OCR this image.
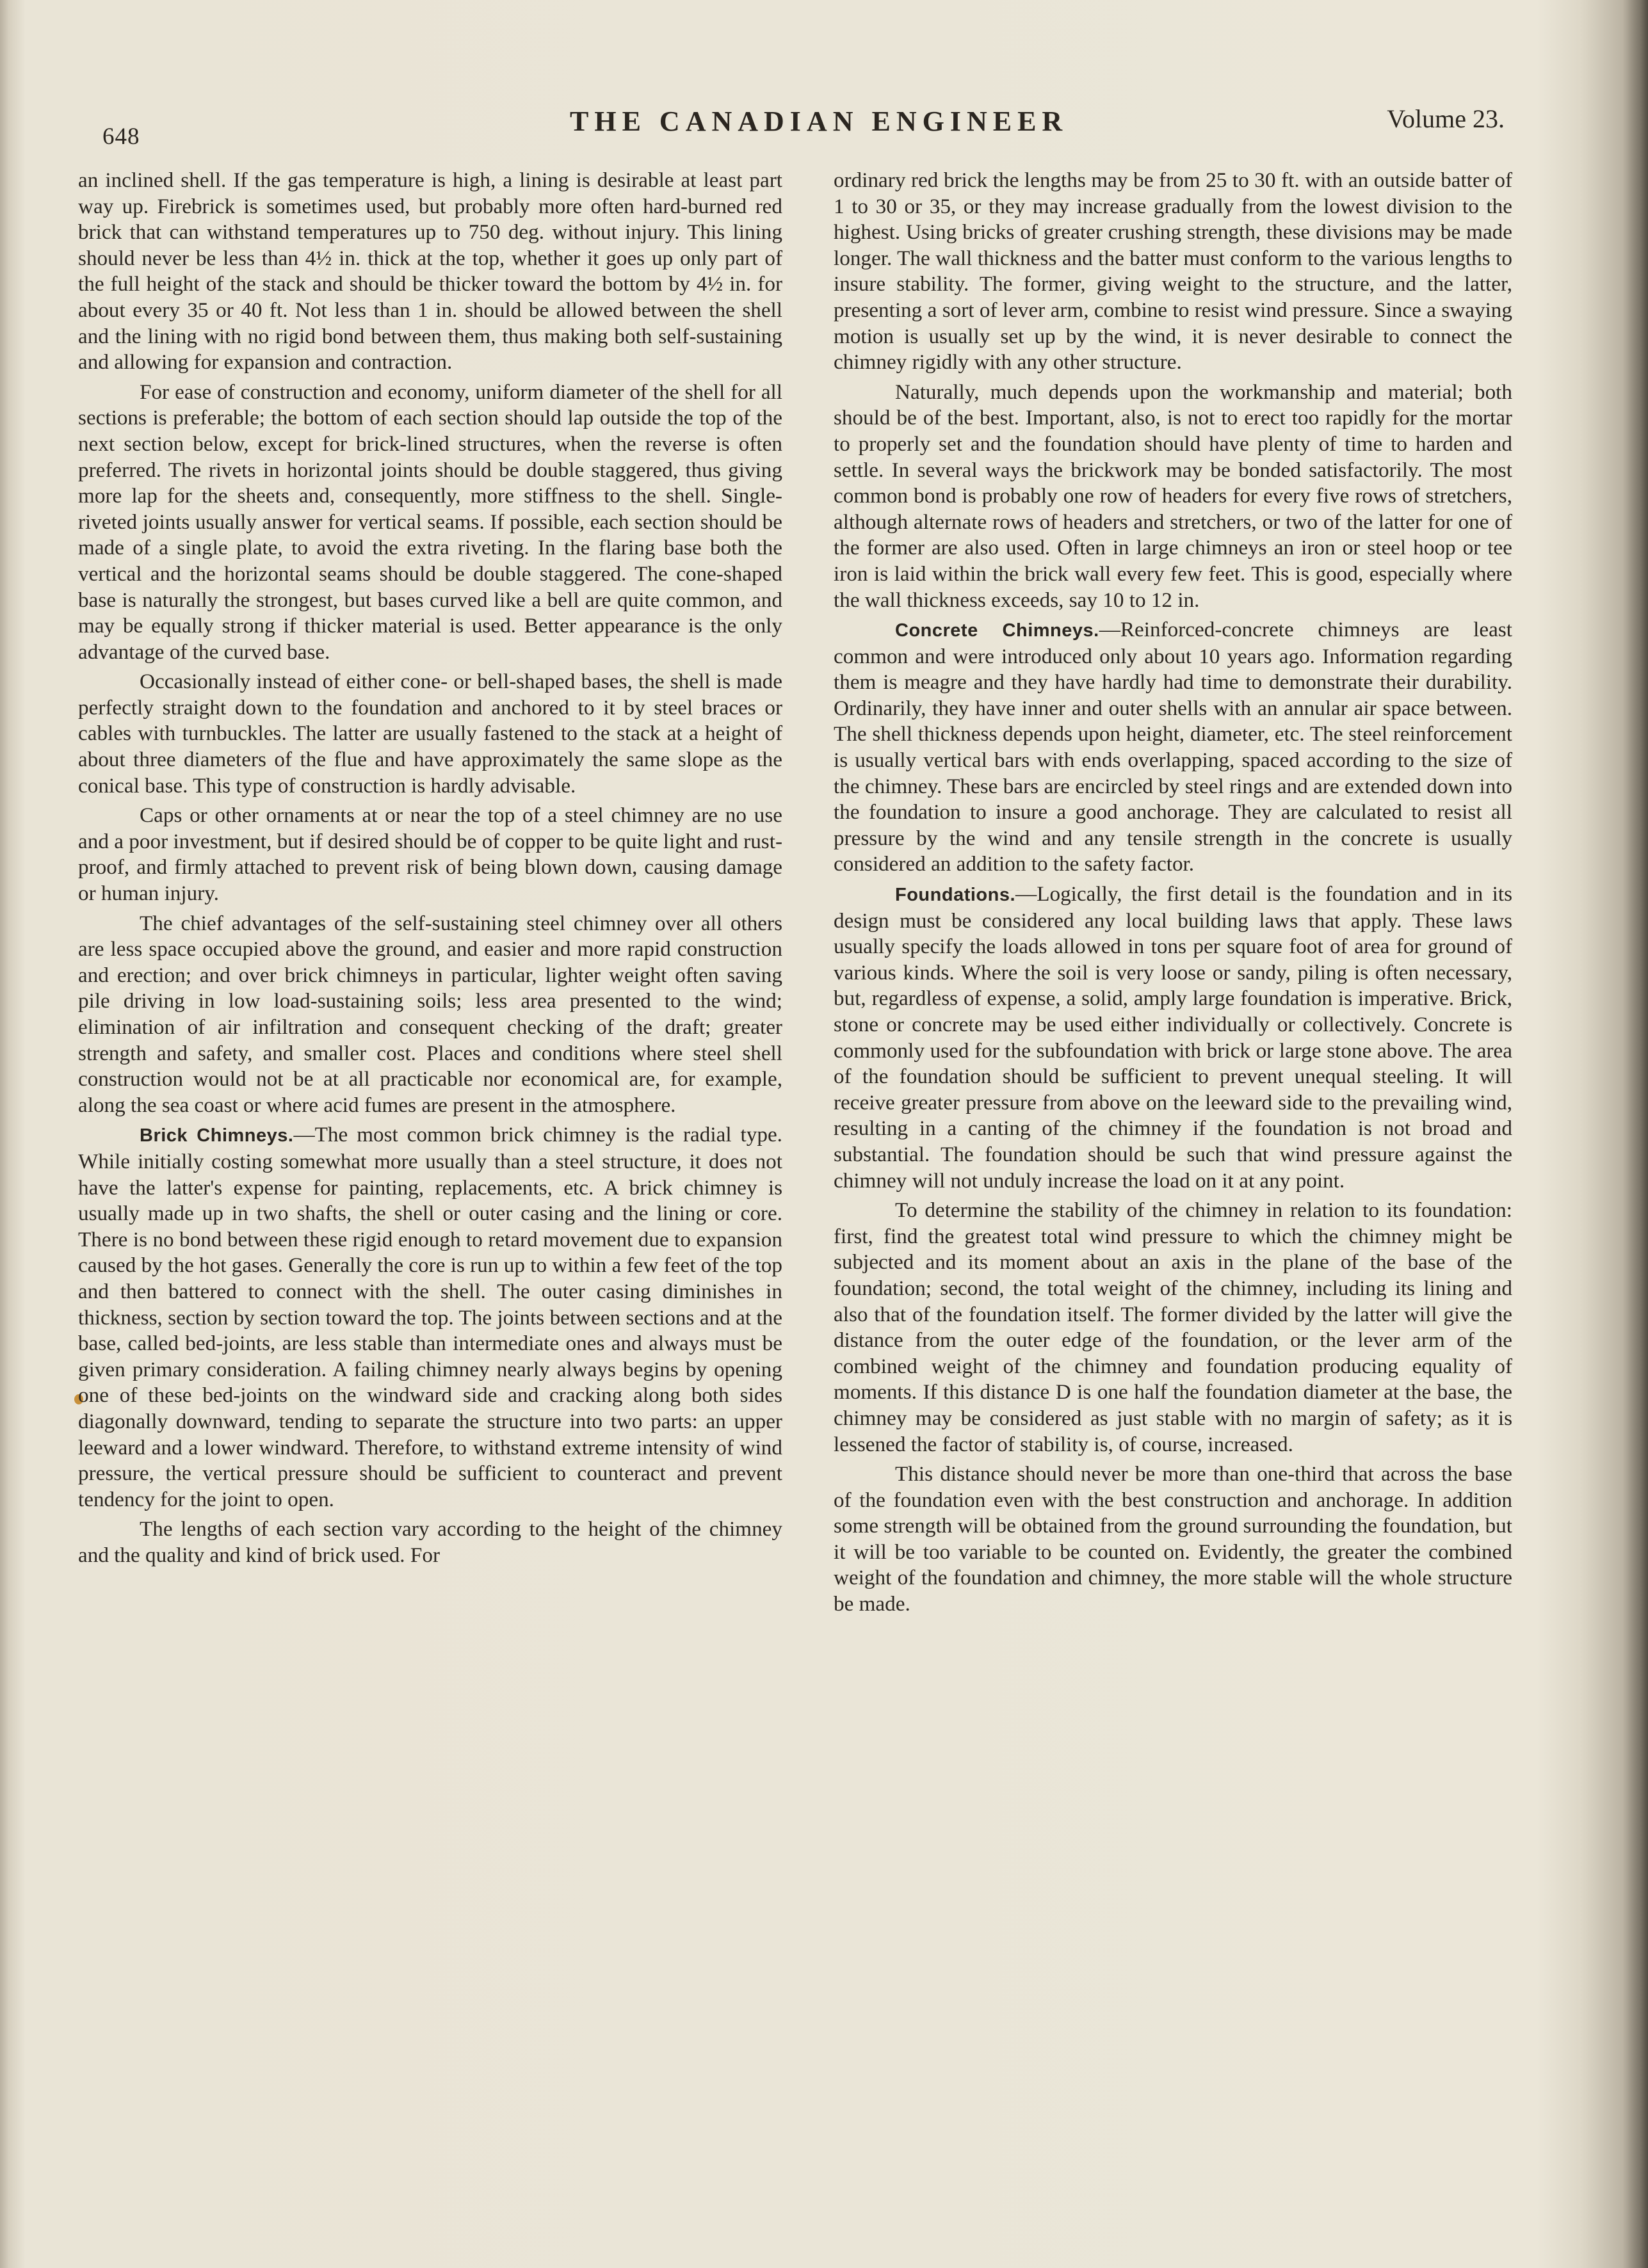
648	THE CANADIAN ENGINEER	Volume 23.

an inclined shell. If the gas temperature is high, a lining is desirable at least part way up. Firebrick is sometimes used, but probably more often hard-burned red brick that can withstand temperatures up to 750 deg. without injury. This lining should never be less than 4½ in. thick at the top, whether it goes up only part of the full height of the stack and should be thicker toward the bottom by 4½ in. for about every 35 or 40 ft. Not less than 1 in. should be allowed between the shell and the lining with no rigid bond between them, thus making both self-sustaining and allowing for expansion and contraction.

For ease of construction and economy, uniform diameter of the shell for all sections is preferable; the bottom of each section should lap outside the top of the next section below, except for brick-lined structures, when the reverse is often preferred. The rivets in horizontal joints should be double staggered, thus giving more lap for the sheets and, consequently, more stiffness to the shell. Single-riveted joints usually answer for vertical seams. If possible, each section should be made of a single plate, to avoid the extra riveting. In the flaring base both the vertical and the horizontal seams should be double staggered. The cone-shaped base is naturally the strongest, but bases curved like a bell are quite common, and may be equally strong if thicker material is used. Better appearance is the only advantage of the curved base.

Occasionally instead of either cone- or bell-shaped bases, the shell is made perfectly straight down to the foundation and anchored to it by steel braces or cables with turnbuckles. The latter are usually fastened to the stack at a height of about three diameters of the flue and have approximately the same slope as the conical base. This type of construction is hardly advisable.

Caps or other ornaments at or near the top of a steel chimney are no use and a poor investment, but if desired should be of copper to be quite light and rust-proof, and firmly attached to prevent risk of being blown down, causing damage or human injury.

The chief advantages of the self-sustaining steel chimney over all others are less space occupied above the ground, and easier and more rapid construction and erection; and over brick chimneys in particular, lighter weight often saving pile driving in low load-sustaining soils; less area presented to the wind; elimination of air infiltration and consequent checking of the draft; greater strength and safety, and smaller cost. Places and conditions where steel shell construction would not be at all practicable nor economical are, for example, along the sea coast or where acid fumes are present in the atmosphere.

Brick Chimneys.—The most common brick chimney is the radial type. While initially costing somewhat more usually than a steel structure, it does not have the latter's expense for painting, replacements, etc. A brick chimney is usually made up in two shafts, the shell or outer casing and the lining or core. There is no bond between these rigid enough to retard movement due to expansion caused by the hot gases. Generally the core is run up to within a few feet of the top and then battered to connect with the shell. The outer casing diminishes in thickness, section by section toward the top. The joints between sections and at the base, called bed-joints, are less stable than intermediate ones and always must be given primary consideration. A failing chimney nearly always begins by opening one of these bed-joints on the windward side and cracking along both sides diagonally downward, tending to separate the structure into two parts: an upper leeward and a lower windward. Therefore, to withstand extreme intensity of wind pressure, the vertical pressure should be sufficient to counteract and prevent tendency for the joint to open.

The lengths of each section vary according to the height of the chimney and the quality and kind of brick used. For

ordinary red brick the lengths may be from 25 to 30 ft. with an outside batter of 1 to 30 or 35, or they may increase gradually from the lowest division to the highest. Using bricks of greater crushing strength, these divisions may be made longer. The wall thickness and the batter must conform to the various lengths to insure stability. The former, giving weight to the structure, and the latter, presenting a sort of lever arm, combine to resist wind pressure. Since a swaying motion is usually set up by the wind, it is never desirable to connect the chimney rigidly with any other structure.

Naturally, much depends upon the workmanship and material; both should be of the best. Important, also, is not to erect too rapidly for the mortar to properly set and the foundation should have plenty of time to harden and settle. In several ways the brickwork may be bonded satisfactorily. The most common bond is probably one row of headers for every five rows of stretchers, although alternate rows of headers and stretchers, or two of the latter for one of the former are also used. Often in large chimneys an iron or steel hoop or tee iron is laid within the brick wall every few feet. This is good, especially where the wall thickness exceeds, say 10 to 12 in.

Concrete Chimneys.—Reinforced-concrete chimneys are least common and were introduced only about 10 years ago. Information regarding them is meagre and they have hardly had time to demonstrate their durability. Ordinarily, they have inner and outer shells with an annular air space between. The shell thickness depends upon height, diameter, etc. The steel reinforcement is usually vertical bars with ends overlapping, spaced according to the size of the chimney. These bars are encircled by steel rings and are extended down into the foundation to insure a good anchorage. They are calculated to resist all pressure by the wind and any tensile strength in the concrete is usually considered an addition to the safety factor.

Foundations.—Logically, the first detail is the foundation and in its design must be considered any local building laws that apply. These laws usually specify the loads allowed in tons per square foot of area for ground of various kinds. Where the soil is very loose or sandy, piling is often necessary, but, regardless of expense, a solid, amply large foundation is imperative. Brick, stone or concrete may be used either individually or collectively. Concrete is commonly used for the subfoundation with brick or large stone above. The area of the foundation should be sufficient to prevent unequal steeling. It will receive greater pressure from above on the leeward side to the prevailing wind, resulting in a canting of the chimney if the foundation is not broad and substantial. The foundation should be such that wind pressure against the chimney will not unduly increase the load on it at any point.

To determine the stability of the chimney in relation to its foundation: first, find the greatest total wind pressure to which the chimney might be subjected and its moment about an axis in the plane of the base of the foundation; second, the total weight of the chimney, including its lining and also that of the foundation itself. The former divided by the latter will give the distance from the outer edge of the foundation, or the lever arm of the combined weight of the chimney and foundation producing equality of moments. If this distance D is one half the foundation diameter at the base, the chimney may be considered as just stable with no margin of safety; as it is lessened the factor of stability is, of course, increased.

This distance should never be more than one-third that across the base of the foundation even with the best construction and anchorage. In addition some strength will be obtained from the ground surrounding the foundation, but it will be too variable to be counted on. Evidently, the greater the combined weight of the foundation and chimney, the more stable will the whole structure be made.
